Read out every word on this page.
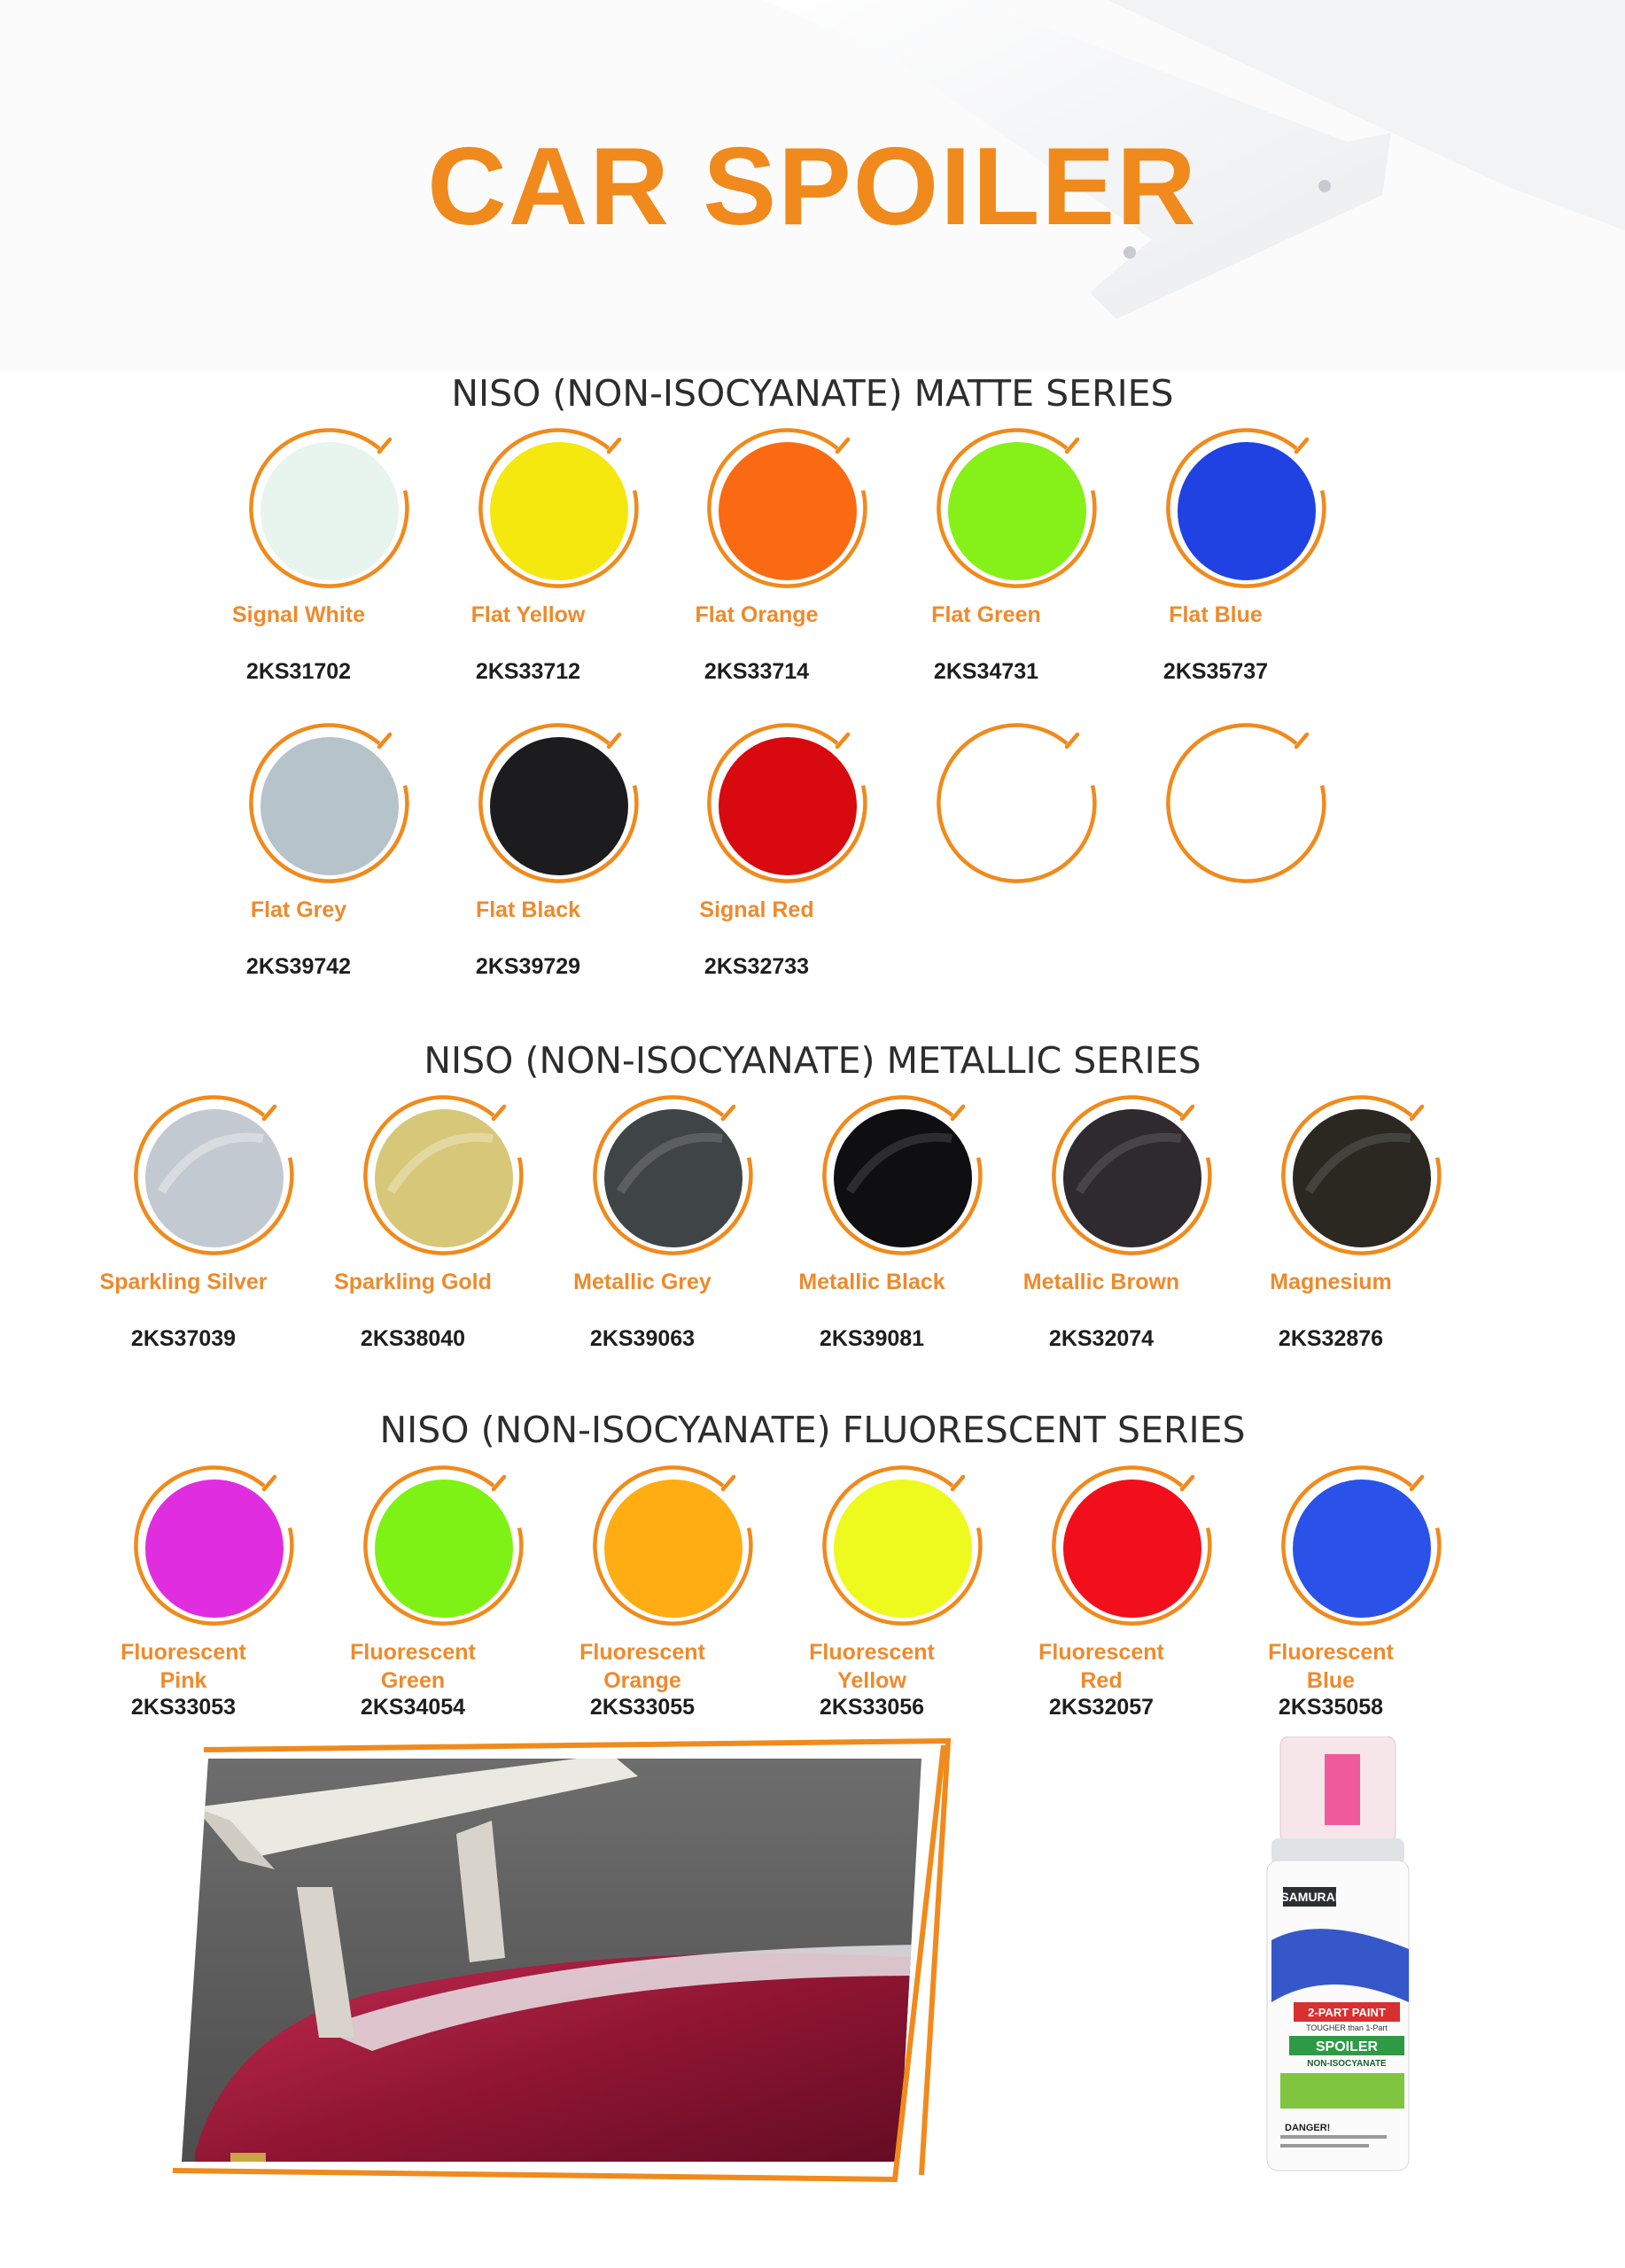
CAR SPOILER
NISO (NON-ISOCYANATE) MATTE SERIES
NISO (NON-ISOCYANATE) METALLIC SERIES
NISO (NON-ISOCYANATE) FLUORESCENT SERIES
Signal White
2KS31702
Flat Yellow
2KS33712
Flat Orange
2KS33714
Flat Green
2KS34731
Flat Blue
2KS35737
Flat Grey
2KS39742
Flat Black
2KS39729
Signal Red
2KS32733
Sparkling Silver
2KS37039
Sparkling Gold
2KS38040
Metallic Grey
2KS39063
Metallic Black
2KS39081
Metallic Brown
2KS32074
Magnesium
2KS32876
Fluorescent
Pink
2KS33053
Fluorescent
Green
2KS34054
Fluorescent
Orange
2KS33055
Fluorescent
Yellow
2KS33056
Fluorescent
Red
2KS32057
Fluorescent
Blue
2KS35058
SAMURAI
2-PART PAINT
TOUGHER than 1-Part
SPOILER
NON-ISOCYANATE
DANGER!
